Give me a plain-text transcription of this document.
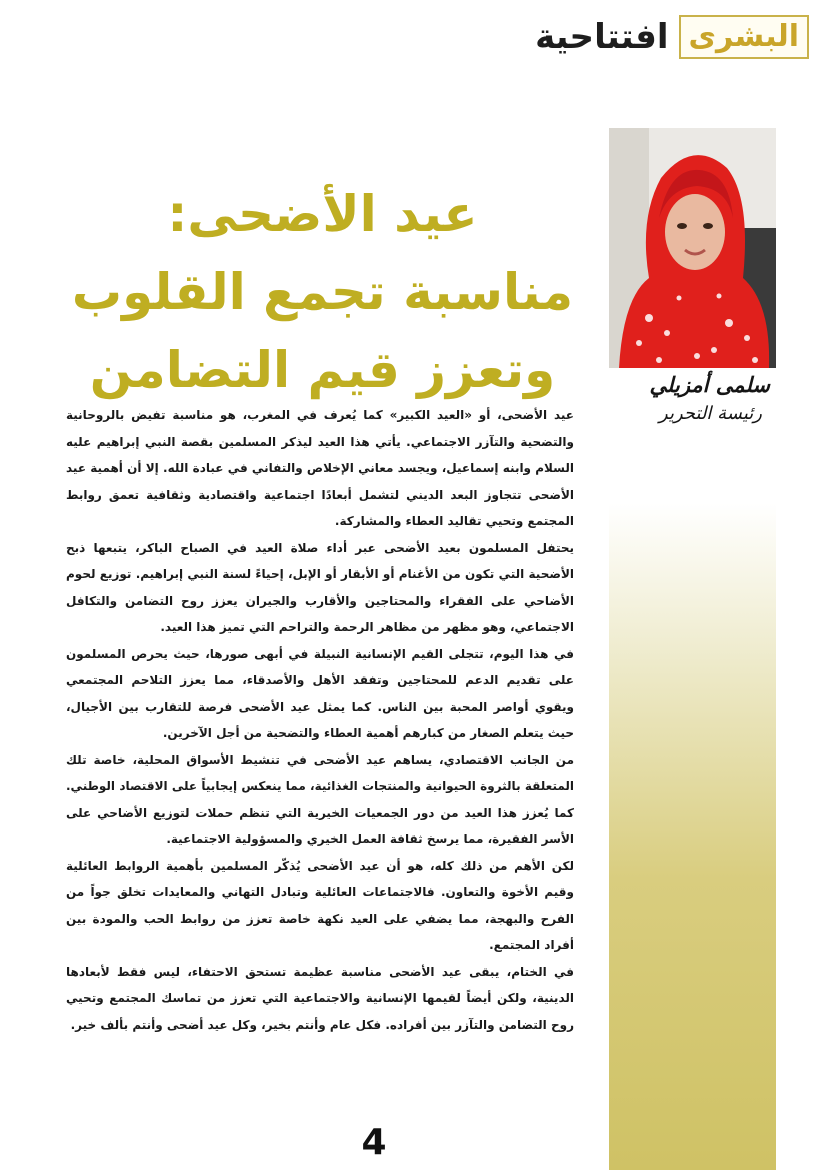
البشرى
افتتاحية
عيد الأضحى:
مناسبة تجمع القلوب
وتعزز قيم التضامن	سلمى أمزيلي
رئيسة التحرير

عيد الأضحى، أو «العيد الكبير» كما يُعرف في المغرب، هو مناسبة تفيض بالروحانية والتضحية والتآزر الاجتماعي. يأتي هذا العيد ليذكر المسلمين بقصة النبي إبراهيم عليه السلام وابنه إسماعيل، ويجسد معاني الإخلاص والتفاني في عبادة الله. إلا أن أهمية عيد الأضحى تتجاوز البعد الديني لتشمل أبعادًا اجتماعية واقتصادية وثقافية تعمق روابط المجتمع وتحيي تقاليد العطاء والمشاركة.

يحتفل المسلمون بعيد الأضحى عبر أداء صلاة العيد في الصباح الباكر، يتبعها ذبح الأضحية التي تكون من الأغنام أو الأبقار أو الإبل، إحياءً لسنة النبي إبراهيم. توزيع لحوم الأضاحي على الفقراء والمحتاجين والأقارب والجيران يعزز روح التضامن والتكافل الاجتماعي، وهو مظهر من مظاهر الرحمة والتراحم التي تميز هذا العيد.

في هذا اليوم، تتجلى القيم الإنسانية النبيلة في أبهى صورها، حيث يحرص المسلمون على تقديم الدعم للمحتاجين وتفقد الأهل والأصدقاء، مما يعزز التلاحم المجتمعي ويقوي أواصر المحبة بين الناس. كما يمثل عيد الأضحى فرصة للتقارب بين الأجيال، حيث يتعلم الصغار من كبارهم أهمية العطاء والتضحية من أجل الآخرين.

من الجانب الاقتصادي، يساهم عيد الأضحى في تنشيط الأسواق المحلية، خاصة تلك المتعلقة بالثروة الحيوانية والمنتجات الغذائية، مما ينعكس إيجابياً على الاقتصاد الوطني. كما يُعزز هذا العيد من دور الجمعيات الخيرية التي تنظم حملات لتوزيع الأضاحي على الأسر الفقيرة، مما يرسخ ثقافة العمل الخيري والمسؤولية الاجتماعية.

لكن الأهم من ذلك كله، هو أن عيد الأضحى يُذكّر المسلمين بأهمية الروابط العائلية وقيم الأخوة والتعاون. فالاجتماعات العائلية وتبادل التهاني والمعايدات تخلق جواً من الفرح والبهجة، مما يضفي على العيد نكهة خاصة تعزز من روابط الحب والمودة بين أفراد المجتمع.

في الختام، يبقى عيد الأضحى مناسبة عظيمة تستحق الاحتفاء، ليس فقط لأبعادها الدينية، ولكن أيضاً لقيمها الإنسانية والاجتماعية التي تعزز من تماسك المجتمع وتحيي روح التضامن والتآزر بين أفراده. فكل عام وأنتم بخير، وكل عيد أضحى وأنتم بألف خير.

4
